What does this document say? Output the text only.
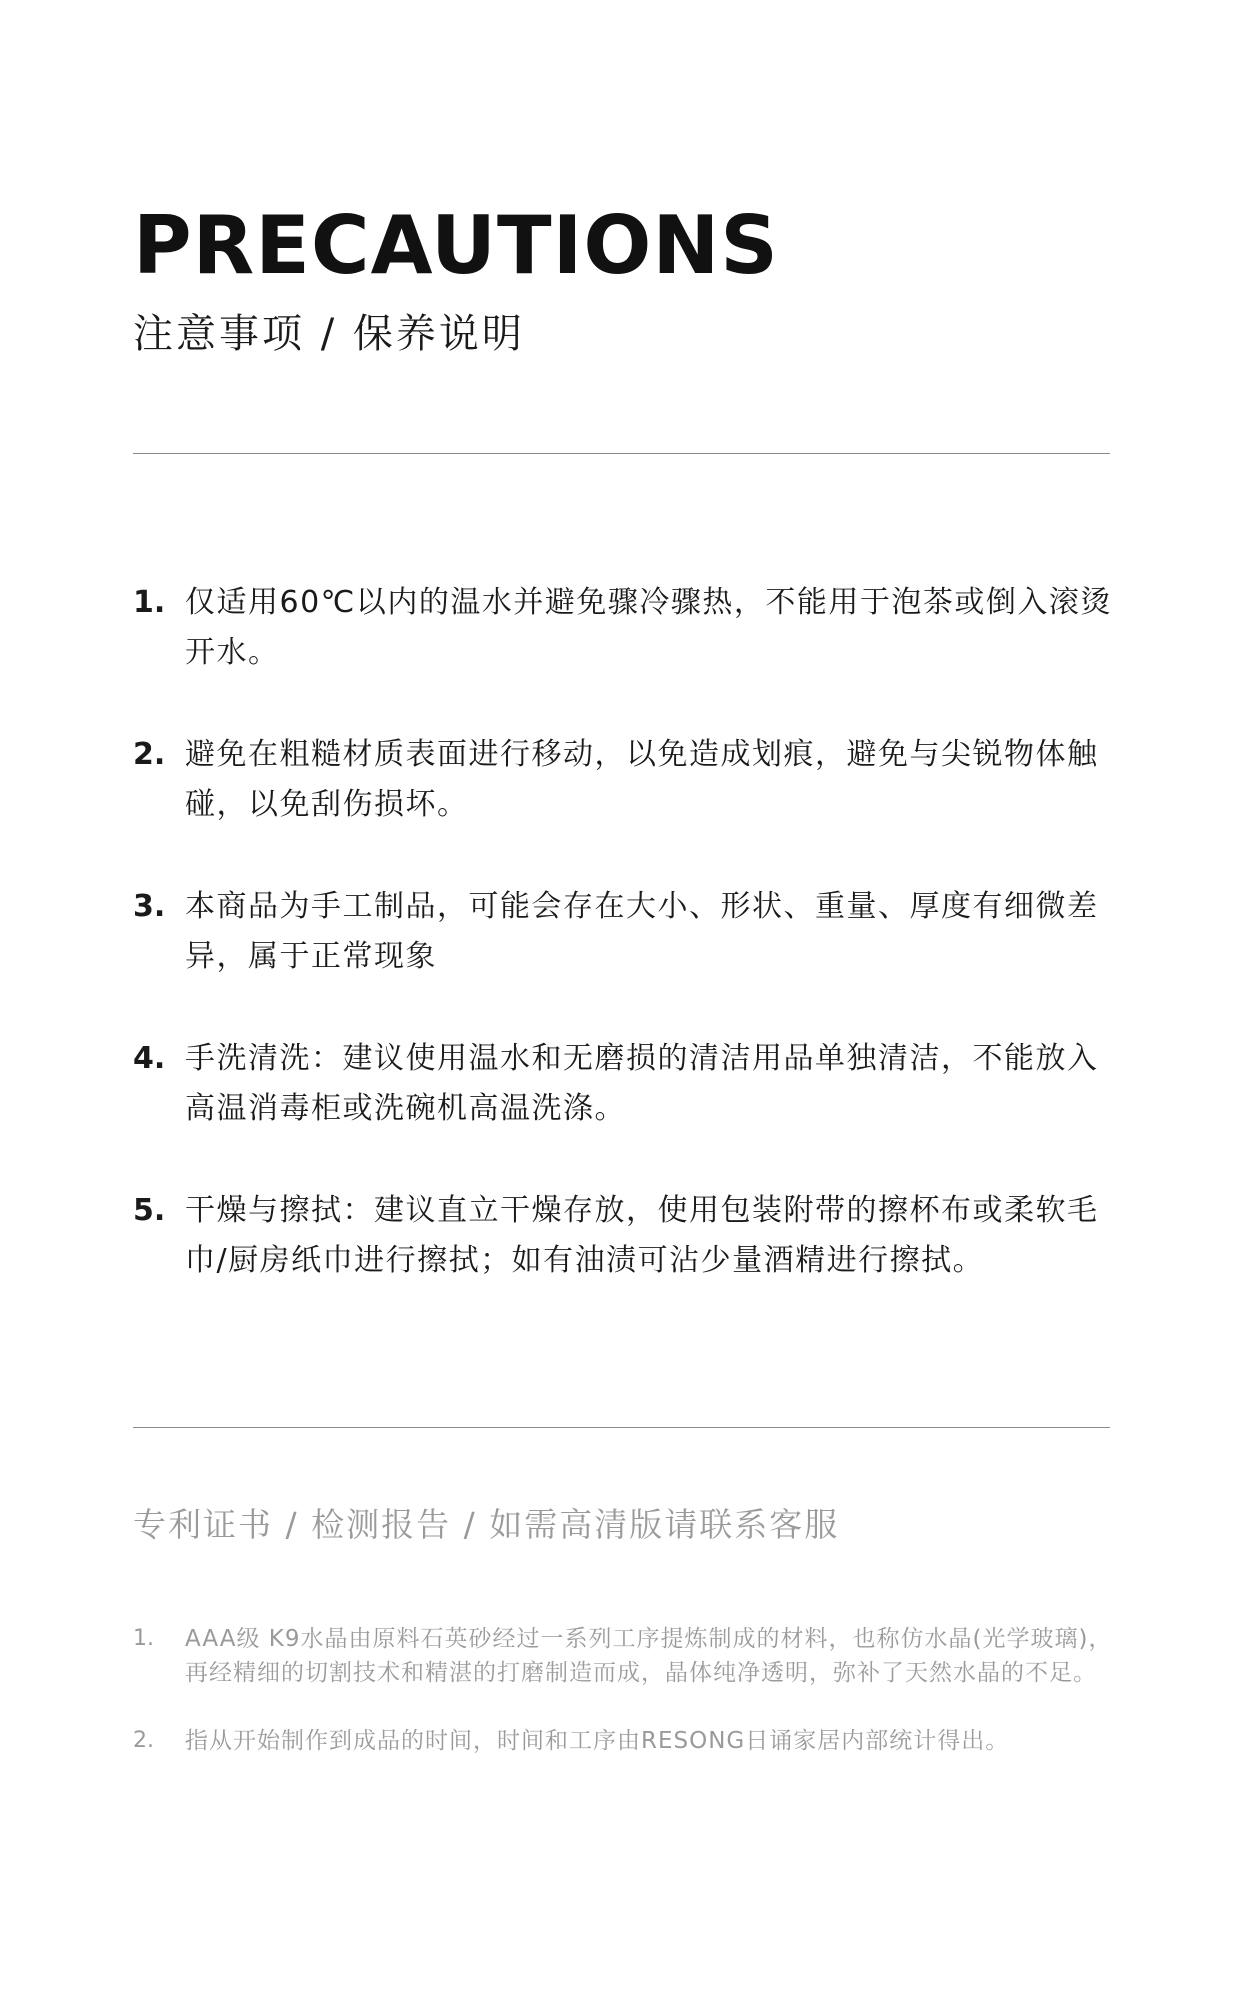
PRECAUTIONS
注意事项 / 保养说明
1. 仅适用60℃以内的温水并避免骤冷骤热，不能用于泡茶或倒入滚烫开水。
2. 避免在粗糙材质表面进行移动，以免造成划痕，避免与尖锐物体触碰，以免刮伤损坏。
3. 本商品为手工制品，可能会存在大小、形状、重量、厚度有细微差异，属于正常现象
4. 手洗清洗：建议使用温水和无磨损的清洁用品单独清洁，不能放入高温消毒柜或洗碗机高温洗涤。
5. 干燥与擦拭：建议直立干燥存放，使用包装附带的擦杯布或柔软毛巾/厨房纸巾进行擦拭；如有油渍可沾少量酒精进行擦拭。
专利证书 / 检测报告 / 如需高清版请联系客服
1. AAA级 K9水晶由原料石英砂经过一系列工序提炼制成的材料，也称仿水晶(光学玻璃)，再经精细的切割技术和精湛的打磨制造而成，晶体纯净透明，弥补了天然水晶的不足。
2. 指从开始制作到成品的时间，时间和工序由RESONG日诵家居内部统计得出。
